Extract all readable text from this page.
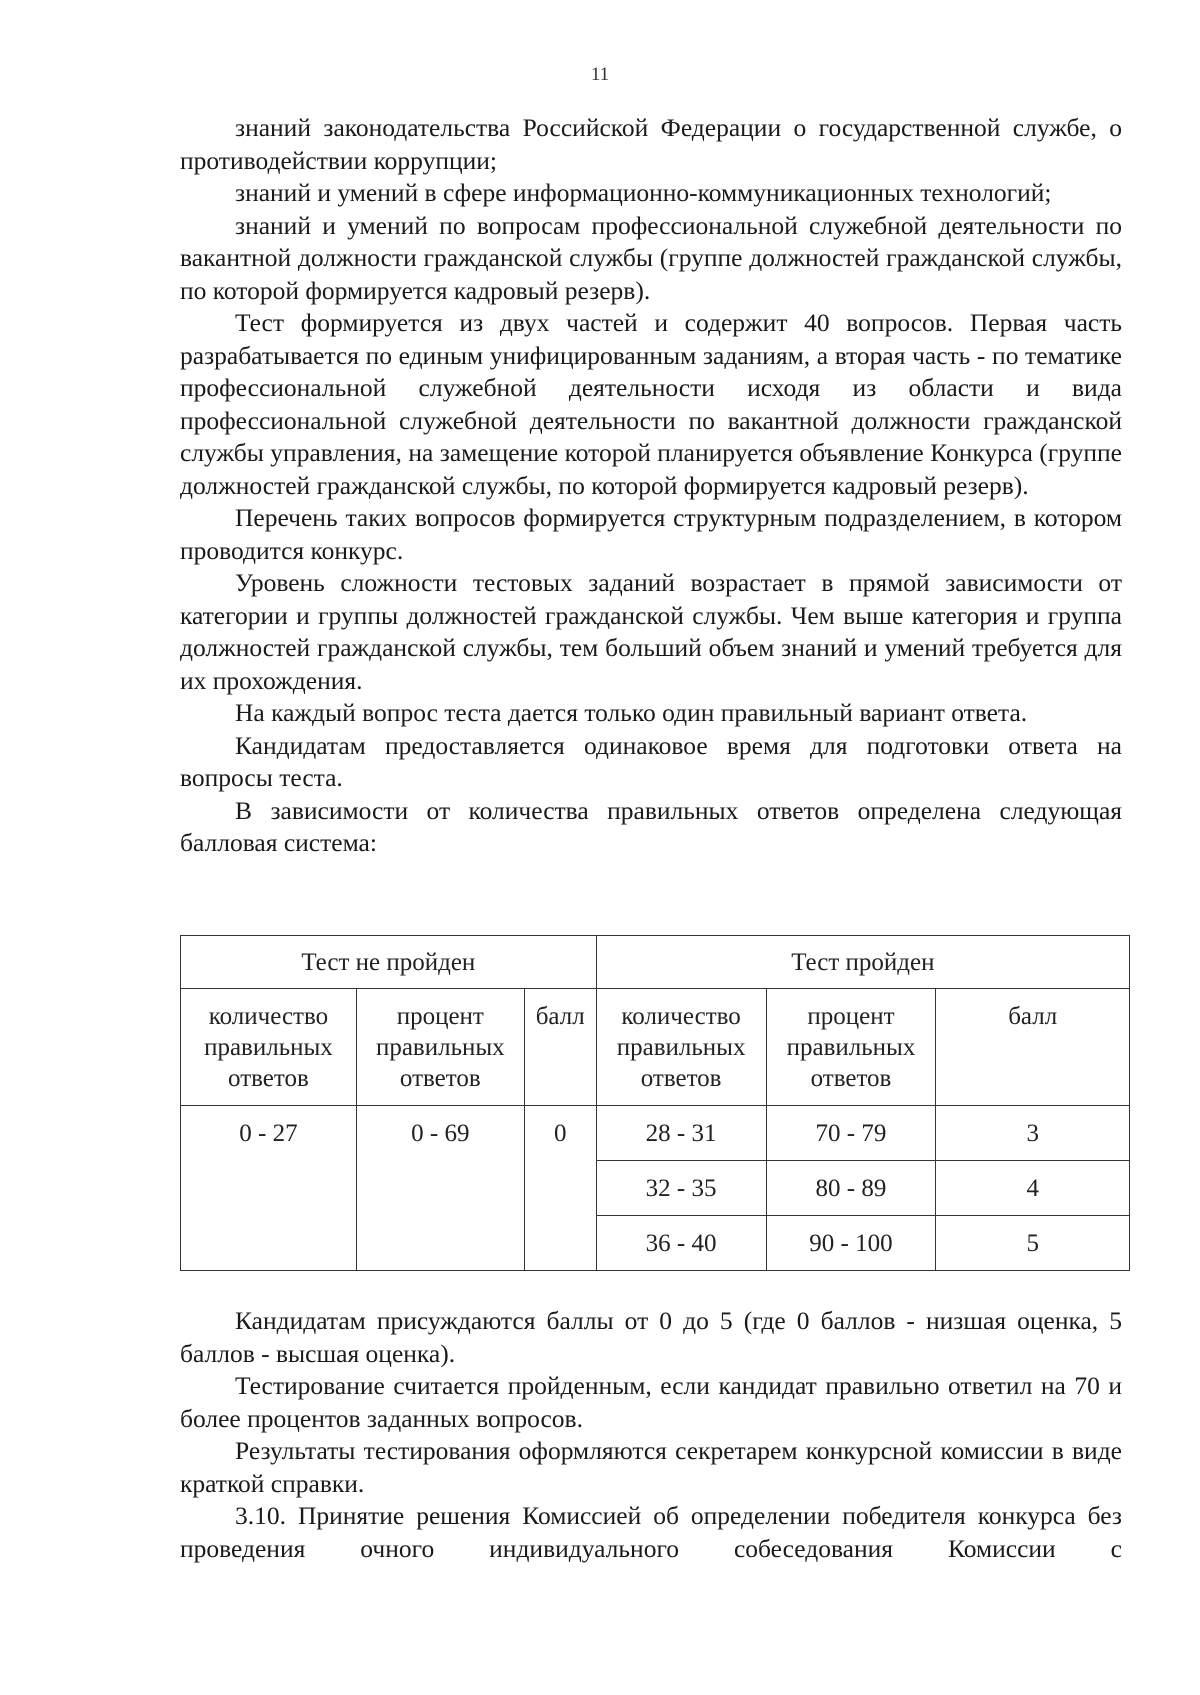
11

знаний законодательства Российской Федерации о государственной службе, о противодействии коррупции;

знаний и умений в сфере информационно-коммуникационных технологий;

знаний и умений по вопросам профессиональной служебной деятельности по вакантной должности гражданской службы (группе должностей гражданской службы, по которой формируется кадровый резерв).

Тест формируется из двух частей и содержит 40 вопросов. Первая часть разрабатывается по единым унифицированным заданиям, а вторая часть - по тематике профессиональной служебной деятельности исходя из области и вида профессиональной служебной деятельности по вакантной должности гражданской службы управления, на замещение которой планируется объявление Конкурса (группе должностей гражданской службы, по которой формируется кадровый резерв).

Перечень таких вопросов формируется структурным подразделением, в котором проводится конкурс.

Уровень сложности тестовых заданий возрастает в прямой зависимости от категории и группы должностей гражданской службы. Чем выше категория и группа должностей гражданской службы, тем больший объем знаний и умений требуется для их прохождения.

На каждый вопрос теста дается только один правильный вариант ответа.

Кандидатам предоставляется одинаковое время для подготовки ответа на вопросы теста.

В зависимости от количества правильных ответов определена следующая балловая система:

Тест не пройден			Тест пройден		
количество правильных ответов	процент правильных ответов	балл	количество правильных ответов	процент правильных ответов	балл
0 - 27	0 - 69	0	28 - 31	70 - 79	3
			32 - 35	80 - 89	4
			36 - 40	90 - 100	5

Кандидатам присуждаются баллы от 0 до 5 (где 0 баллов - низшая оценка, 5 баллов - высшая оценка).

Тестирование считается пройденным, если кандидат правильно ответил на 70 и более процентов заданных вопросов.

Результаты тестирования оформляются секретарем конкурсной комиссии в виде краткой справки.

3.10. Принятие решения Комиссией об определении победителя конкурса без проведения очного индивидуального собеседования Комиссии с
